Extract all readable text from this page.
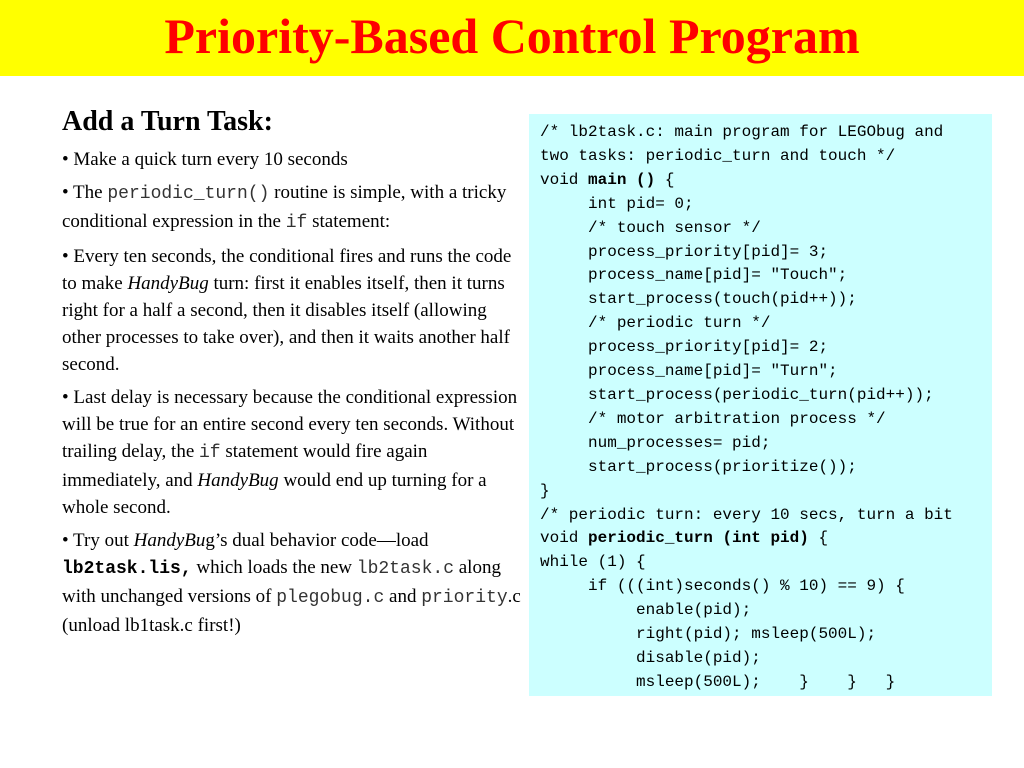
Priority-Based Control Program
Add a Turn Task:
• Make a quick turn every 10 seconds
• The periodic_turn() routine is simple, with a tricky conditional expression in the if statement:
• Every ten seconds, the conditional fires and runs the code to make HandyBug turn: first it enables itself, then it turns right for a half a second, then it disables itself (allowing other processes to take over), and then it waits another half second.
• Last delay is necessary because the conditional expression will be true for an entire second every ten seconds. Without trailing delay, the if statement would fire again immediately, and HandyBug would end up turning for a whole second.
• Try out HandyBug’s dual behavior code—load lb2task.lis, which loads the new lb2task.c along with unchanged versions of plegobug.c and priority.c (unload lb1task.c first!)
/* lb2task.c: main program for LEGObug and
two tasks: periodic_turn and touch */
void main () {
int pid= 0;
/* touch sensor */
process_priority[pid]= 3;
process_name[pid]= "Touch";
start_process(touch(pid++));
/* periodic turn */
process_priority[pid]= 2;
process_name[pid]= "Turn";
start_process(periodic_turn(pid++));
/* motor arbitration process */
num_processes= pid;
start_process(prioritize());
}
/* periodic turn: every 10 secs, turn a bit
void periodic_turn (int pid) {
while (1) {
if (((int)seconds() % 10) == 9) {
enable(pid);
right(pid); msleep(500L);
disable(pid);
msleep(500L);    }    }   }
